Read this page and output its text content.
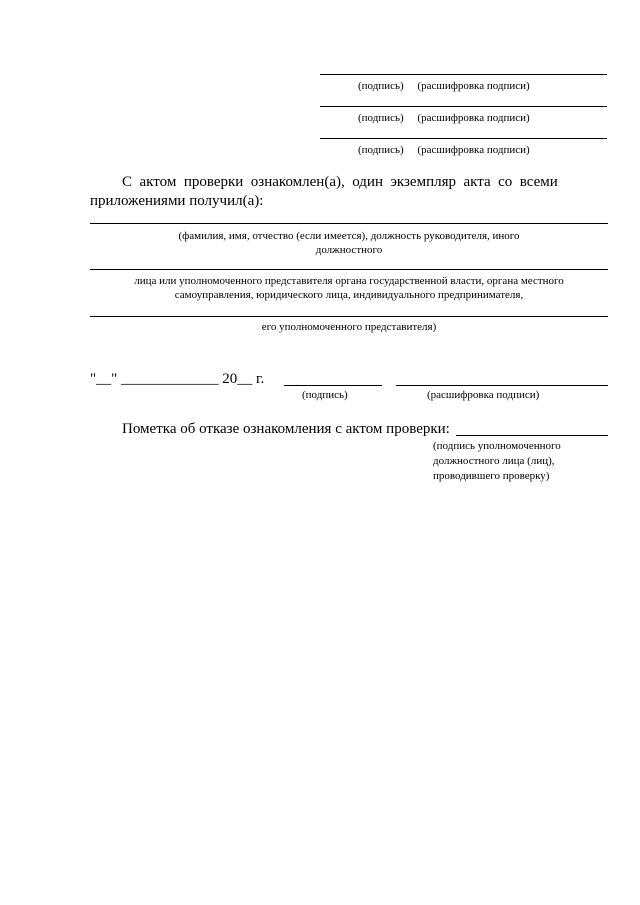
(подпись) (расшифровка подписи)
(подпись) (расшифровка подписи)
(подпись) (расшифровка подписи)
С  актом  проверки  ознакомлен(а),  один  экземпляр  акта  со  всеми
приложениями получил(а):
(фамилия, имя, отчество (если имеется), должность руководителя, иного
должностного
лица или уполномоченного представителя органа государственной власти, органа местного
самоуправления, юридического лица, индивидуального предпринимателя,
его уполномоченного представителя)
"__" _____________ 20__ г.
(подпись)	(расшифровка подписи)
Пометка об отказе ознакомления с актом проверки:
(подпись уполномоченного
должностного лица (лиц),
проводившего проверку)
